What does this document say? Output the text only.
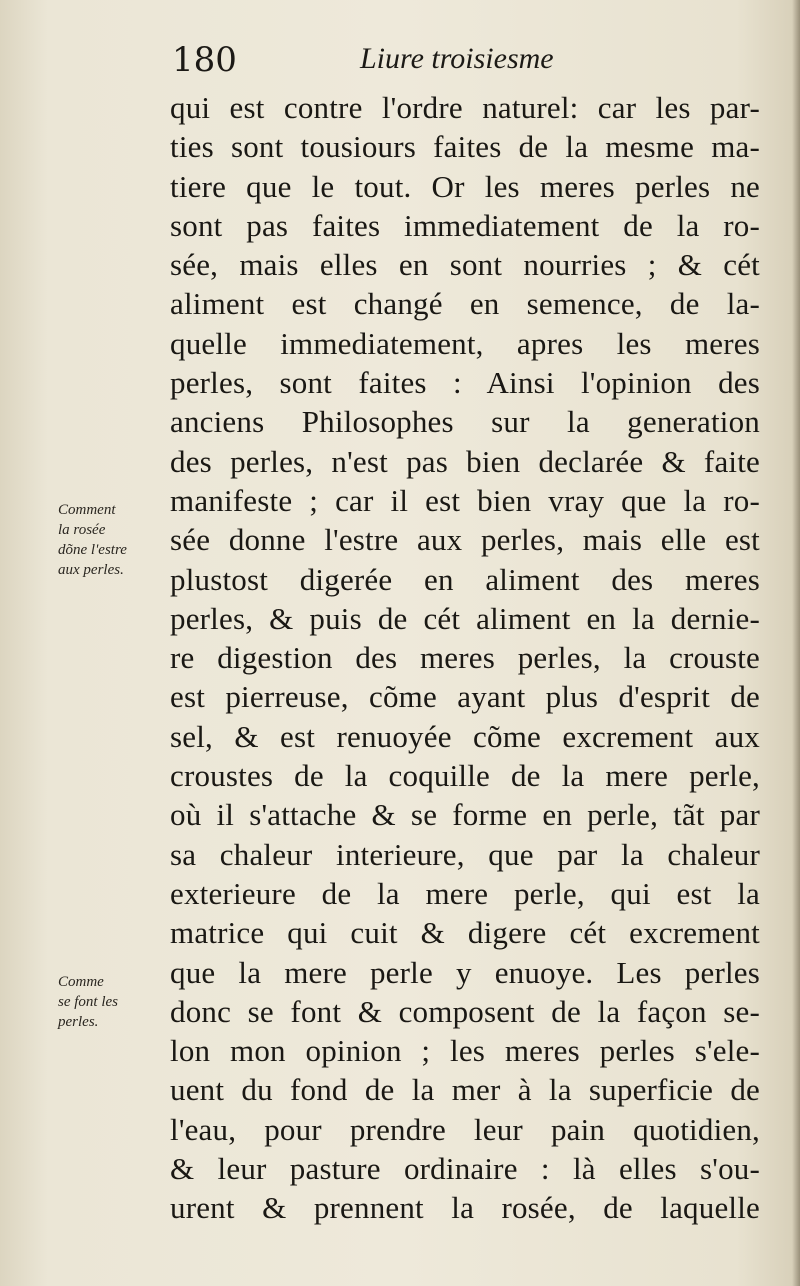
180	Liure troisiesme
qui est contre l'ordre naturel: car les par-
ties sont tousiours faites de la mesme ma-
tiere que le tout. Or les meres perles ne
sont pas faites immediatement de la ro-
sée, mais elles en sont nourries ; & cét
aliment est changé en semence, de la-
quelle immediatement, apres les meres
perles, sont faites : Ainsi l'opinion des
anciens Philosophes sur la generation
des perles, n'est pas bien declarée & faite
manifeste ; car il est bien vray que la ro-
sée donne l'estre aux perles, mais elle est
plustost digerée en aliment des meres
perles, & puis de cét aliment en la dernie-
re digestion des meres perles, la crouste
est pierreuse, cõme ayant plus d'esprit de
sel, & est renuoyée cõme excrement aux
croustes de la coquille de la mere perle,
où il s'attache & se forme en perle, tãt par
sa chaleur interieure, que par la chaleur
exterieure de la mere perle, qui est la
matrice qui cuit & digere cét excrement
que la mere perle y enuoye. Les perles
donc se font & composent de la façon se-
lon mon opinion ; les meres perles s'ele-
uent du fond de la mer à la superficie de
l'eau, pour prendre leur pain quotidien,
& leur pasture ordinaire : là elles s'ou-
urent & prennent la rosée, de laquelle
Comment
la rosée
dõne l'estre
aux perles.
Comme
se font les
perles.
